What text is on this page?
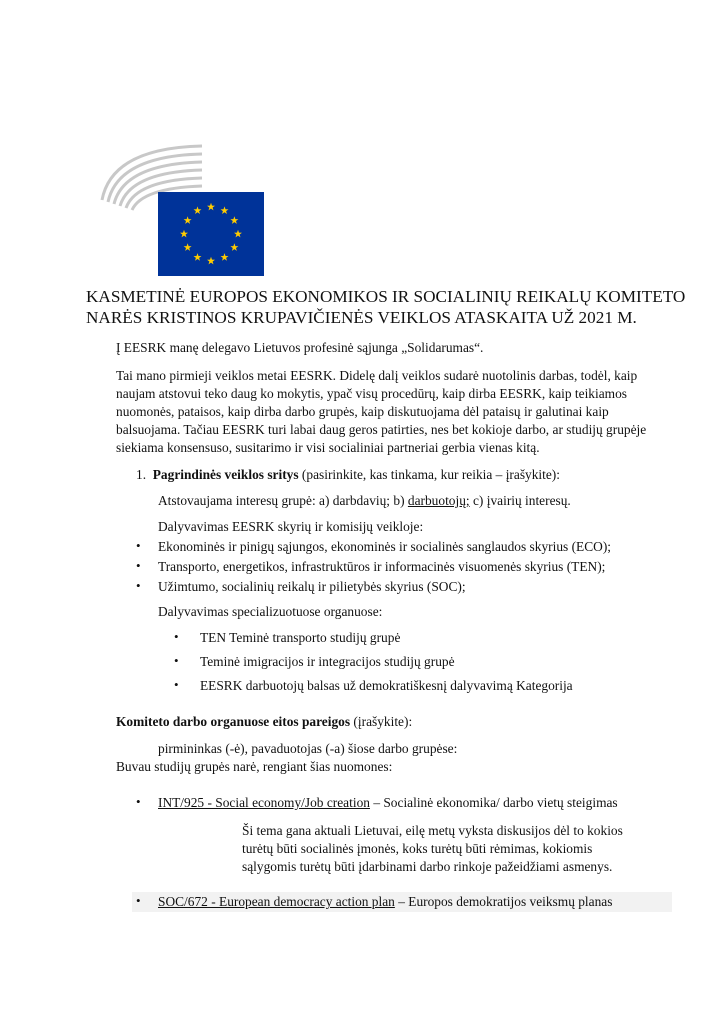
KASMETINĖ EUROPOS EKONOMIKOS IR SOCIALINIŲ REIKALŲ KOMITETO
NARĖS KRISTINOS KRUPAVIČIENĖS VEIKLOS ATASKAITA UŽ 2021 M.
Į EESRK manę delegavo Lietuvos profesinė sąjunga „Solidarumas“.
Tai mano pirmieji veiklos metai EESRK. Didelę dalį veiklos sudarė nuotolinis darbas, todėl, kaip
naujam atstovui teko daug ko mokytis, ypač visų procedūrų, kaip dirba EESRK, kaip teikiamos
nuomonės, pataisos, kaip dirba darbo grupės, kaip diskutuojama dėl pataisų ir galutinai kaip
balsuojama. Tačiau EESRK turi labai daug geros patirties, nes bet kokioje darbo, ar studijų grupėje
siekiama konsensuso, susitarimo ir visi socialiniai partneriai gerbia vienas kitą.
1. Pagrindinės veiklos sritys (pasirinkite, kas tinkama, kur reikia – įrašykite):
Atstovaujama interesų grupė: a) darbdavių; b) darbuotojų; c) įvairių interesų.
Dalyvavimas EESRK skyrių ir komisijų veikloje:
• Ekonominės ir pinigų sąjungos, ekonominės ir socialinės sanglaudos skyrius (ECO);
• Transporto, energetikos, infrastruktūros ir informacinės visuomenės skyrius (TEN);
• Užimtumo, socialinių reikalų ir pilietybės skyrius (SOC);
Dalyvavimas specializuotuose organuose:
• TEN Teminė transporto studijų grupė
• Teminė imigracijos ir integracijos studijų grupė
• EESRK darbuotojų balsas už demokratiškesnį dalyvavimą Kategorija
Komiteto darbo organuose eitos pareigos (įrašykite):
pirmininkas (-ė), pavaduotojas (-a) šiose darbo grupėse:
Buvau studijų grupės narė, rengiant šias nuomones:
• INT/925 - Social economy/Job creation – Socialinė ekonomika/ darbo vietų steigimas
Ši tema gana aktuali Lietuvai, eilę metų vyksta diskusijos dėl to kokios
turėtų būti socialinės įmonės, koks turėtų būti rėmimas, kokiomis
sąlygomis turėtų būti įdarbinami darbo rinkoje pažeidžiami asmenys.
• SOC/672 - European democracy action plan – Europos demokratijos veiksmų planas
